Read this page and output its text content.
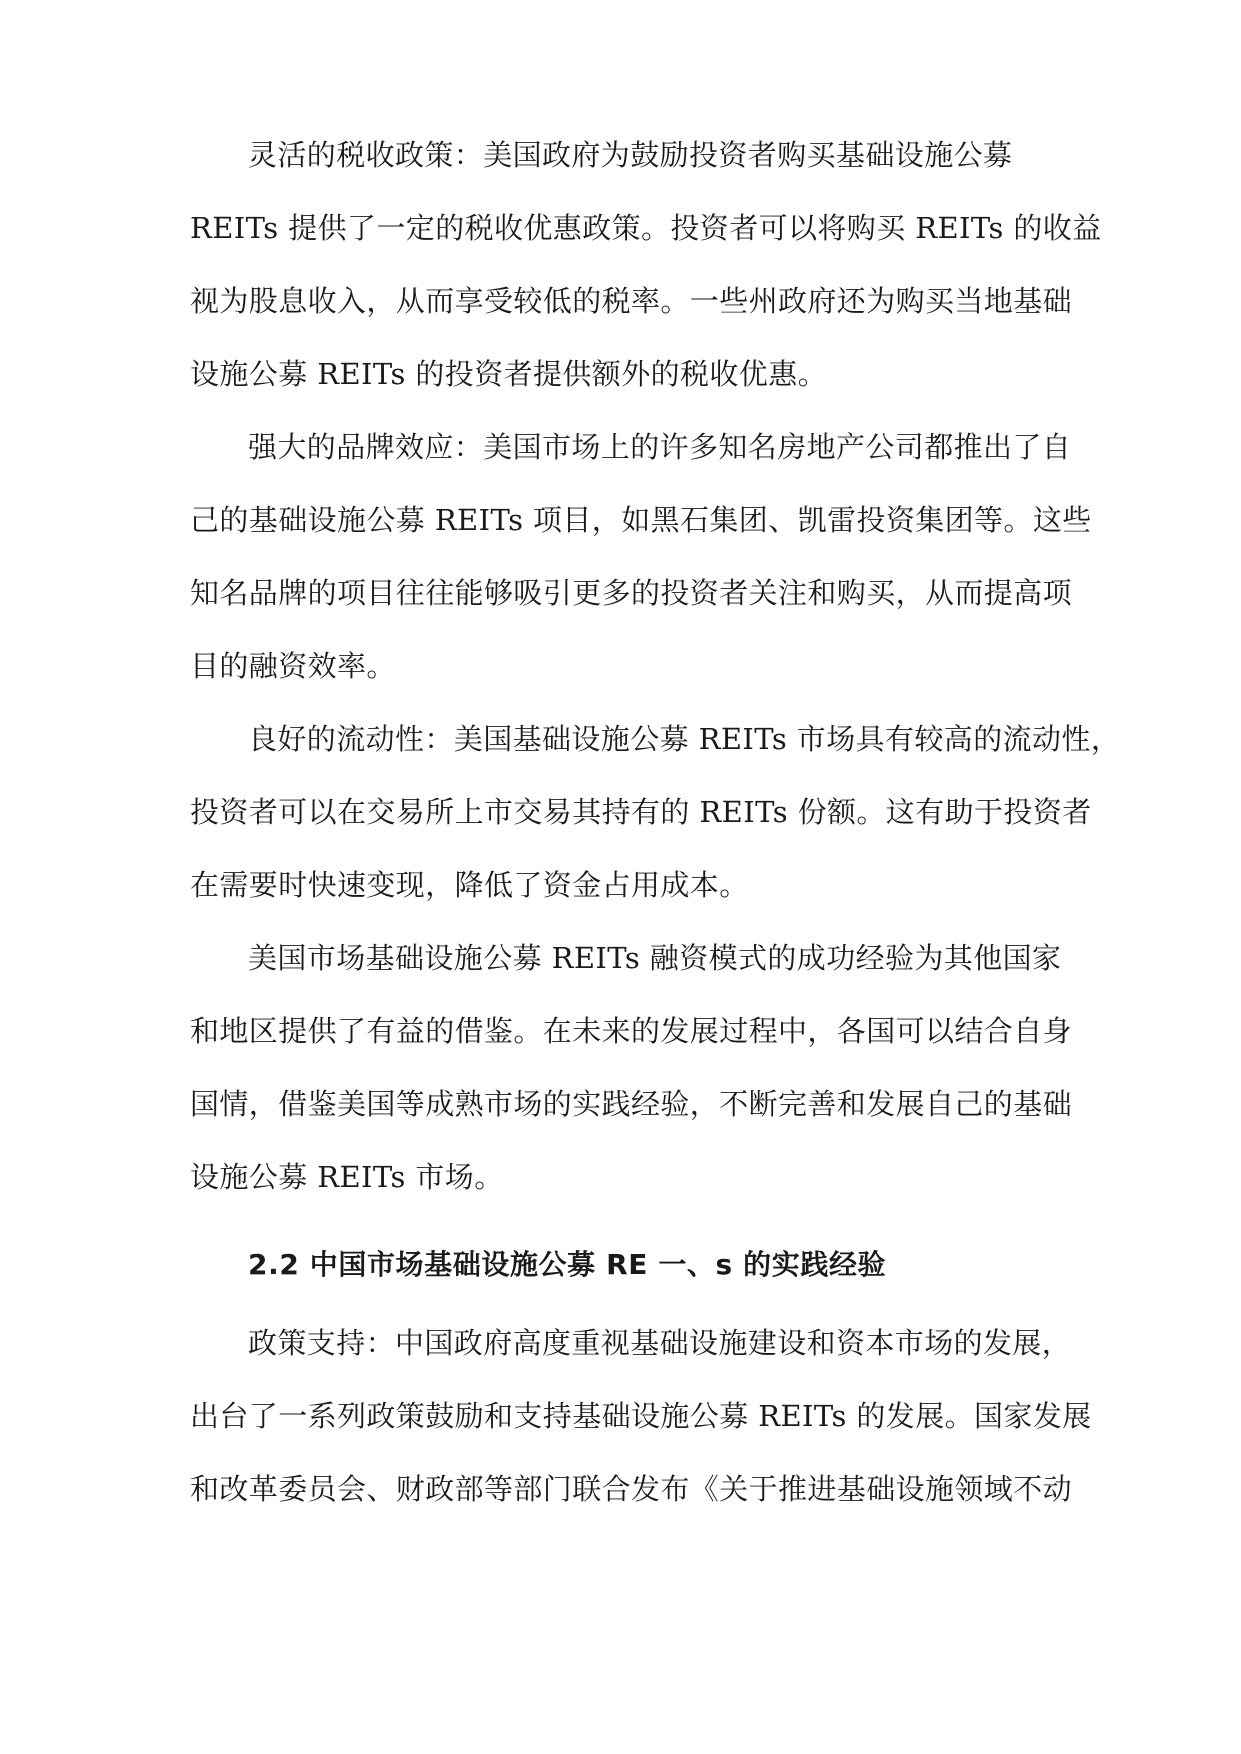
灵活的税收政策：美国政府为鼓励投资者购买基础设施公募
REITs 提供了一定的税收优惠政策。投资者可以将购买 REITs 的收益
视为股息收入，从而享受较低的税率。一些州政府还为购买当地基础
设施公募 REITs 的投资者提供额外的税收优惠。
强大的品牌效应：美国市场上的许多知名房地产公司都推出了自
己的基础设施公募 REITs 项目，如黑石集团、凯雷投资集团等。这些
知名品牌的项目往往能够吸引更多的投资者关注和购买，从而提高项
目的融资效率。
良好的流动性：美国基础设施公募 REITs 市场具有较高的流动性，
投资者可以在交易所上市交易其持有的 REITs 份额。这有助于投资者
在需要时快速变现，降低了资金占用成本。
美国市场基础设施公募 REITs 融资模式的成功经验为其他国家
和地区提供了有益的借鉴。在未来的发展过程中，各国可以结合自身
国情，借鉴美国等成熟市场的实践经验，不断完善和发展自己的基础
设施公募 REITs 市场。
2.2 中国市场基础设施公募 RE 一、s 的实践经验
政策支持：中国政府高度重视基础设施建设和资本市场的发展，
出台了一系列政策鼓励和支持基础设施公募 REITs 的发展。国家发展
和改革委员会、财政部等部门联合发布《关于推进基础设施领域不动
